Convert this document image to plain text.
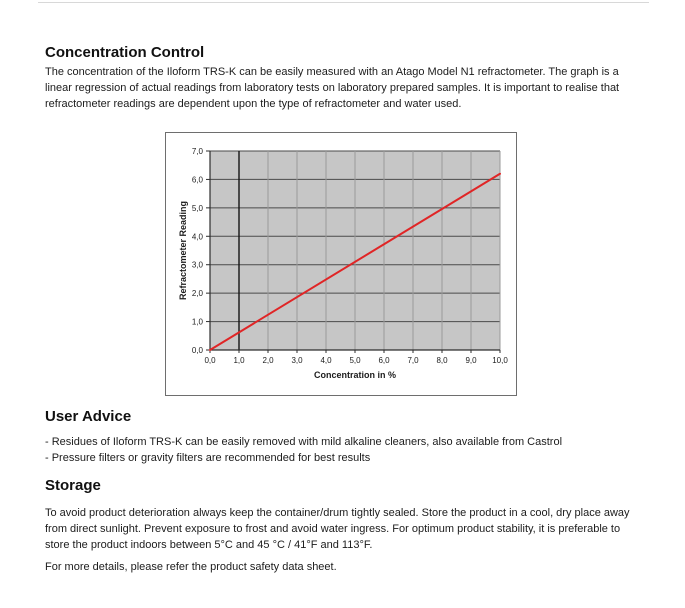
Concentration Control
The concentration of the Iloform TRS-K can be easily measured with an Atago Model N1 refractometer. The graph is a
linear regression of actual readings from laboratory tests on laboratory prepared samples. It is important to realise that
refractometer readings are dependent upon the type of refractometer and water used.
0,0 1,0 2,0 3,0 4,0 5,0 6,0 7,0 8,0 9,0 10,0
0,0
1,0
2,0
3,0
4,0
5,0
6,0
7,0
Concentration in %
Refractometer Reading
User Advice
- Residues of Iloform TRS-K can be easily removed with mild alkaline cleaners, also available from Castrol
- Pressure filters or gravity filters are recommended for best results
Storage
To avoid product deterioration always keep the container/drum tightly sealed. Store the product in a cool, dry place away
from direct sunlight. Prevent exposure to frost and avoid water ingress. For optimum product stability, it is preferable to
store the product indoors between 5°C and 45 °C / 41°F and 113°F.
For more details, please refer the product safety data sheet.
